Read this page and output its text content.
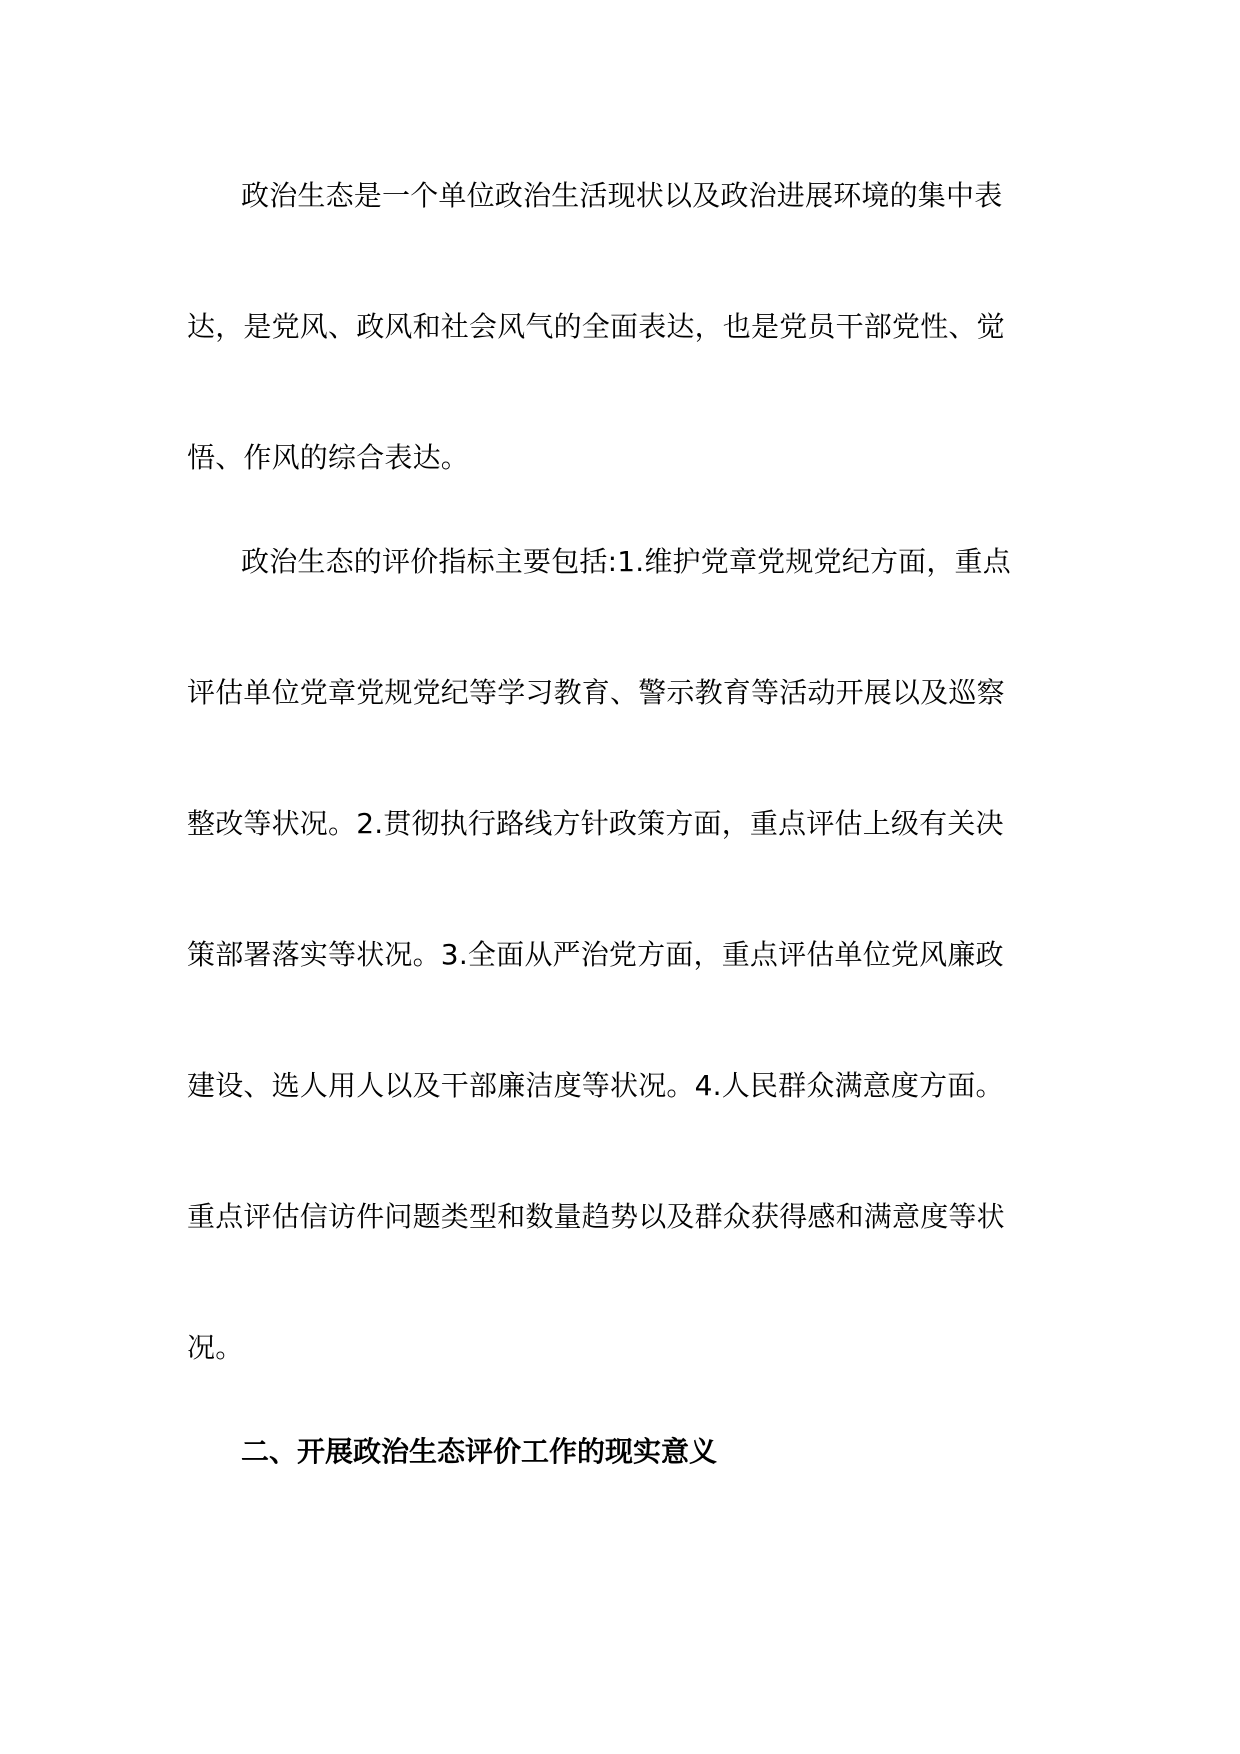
政治生态是一个单位政治生活现状以及政治进展环境的集中表
达，是党风、政风和社会风气的全面表达，也是党员干部党性、觉
悟、作风的综合表达。
政治生态的评价指标主要包括:1.维护党章党规党纪方面，重点
评估单位党章党规党纪等学习教育、警示教育等活动开展以及巡察
整改等状况。2.贯彻执行路线方针政策方面，重点评估上级有关决
策部署落实等状况。3.全面从严治党方面，重点评估单位党风廉政
建设、选人用人以及干部廉洁度等状况。4.人民群众满意度方面。
重点评估信访件问题类型和数量趋势以及群众获得感和满意度等状
况。
二、开展政治生态评价工作的现实意义
